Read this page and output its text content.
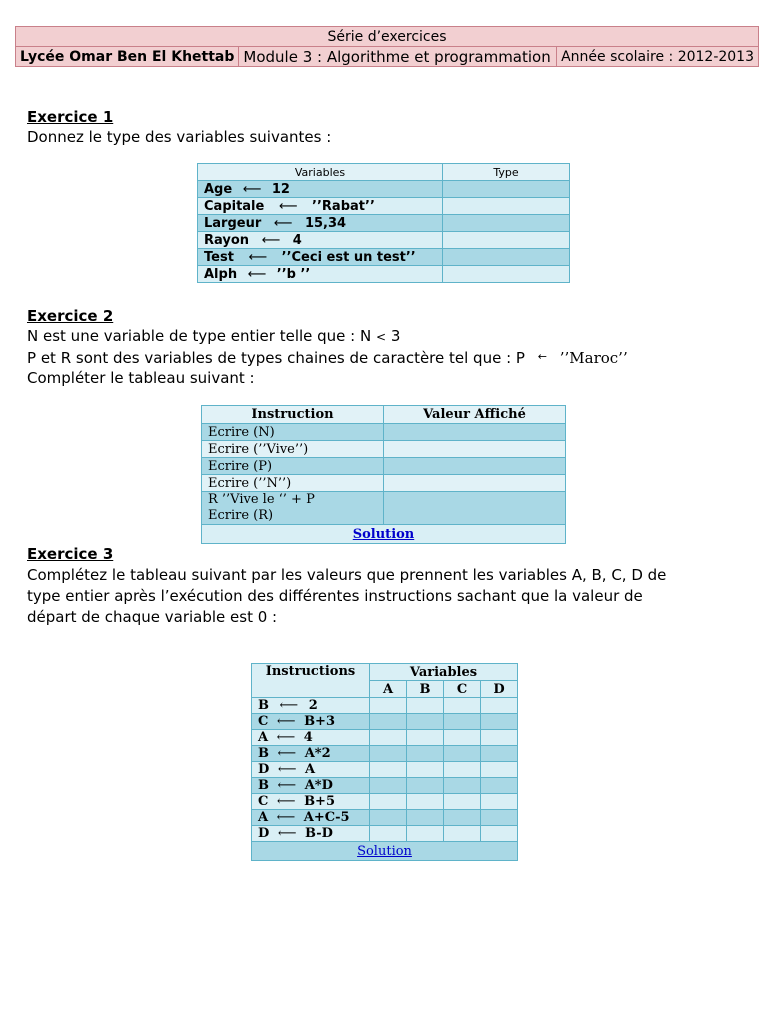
Série d’exercices
Lycée Omar Ben El Khettab	Module 3 : Algorithme et programmation	Année scolaire : 2012-2013
Exercice 1
Donnez le type des variables suivantes :
Variables	Type
Age ⟵ 12	
Capitale ⟵ ’’Rabat’’	
Largeur ⟵ 15,34	
Rayon ⟵ 4	
Test ⟵ ’’Ceci est un test’’	
Alph ⟵ ’’b ’’	
Exercice 2
N est une variable de type entier telle que : N < 3
P et R sont des variables de types chaines de caractère tel que : P ← ’’Maroc’’
Compléter le tableau suivant :
Instruction	Valeur Affiché
Ecrire (N)	
Ecrire (’’Vive’’)	
Ecrire (P)	
Ecrire (’’N’’)	

R ’’Vive le ‘’ + P
Ecrire (R)	

Solution	
Exercice 3
Complétez le tableau suivant par les valeurs que prennent les variables A, B, C, D de
type entier après l’exécution des différentes instructions sachant que la valeur de
départ de chaque variable est 0 :
Instructions	Variables			
	A	B	C	D
B ⟵ 2				
C ⟵ B+3				
A ⟵ 4				
B ⟵ A*2				
D ⟵ A				
B ⟵ A*D				
C ⟵ B+5				
A ⟵ A+C-5				
D ⟵ B-D				
Solution				
